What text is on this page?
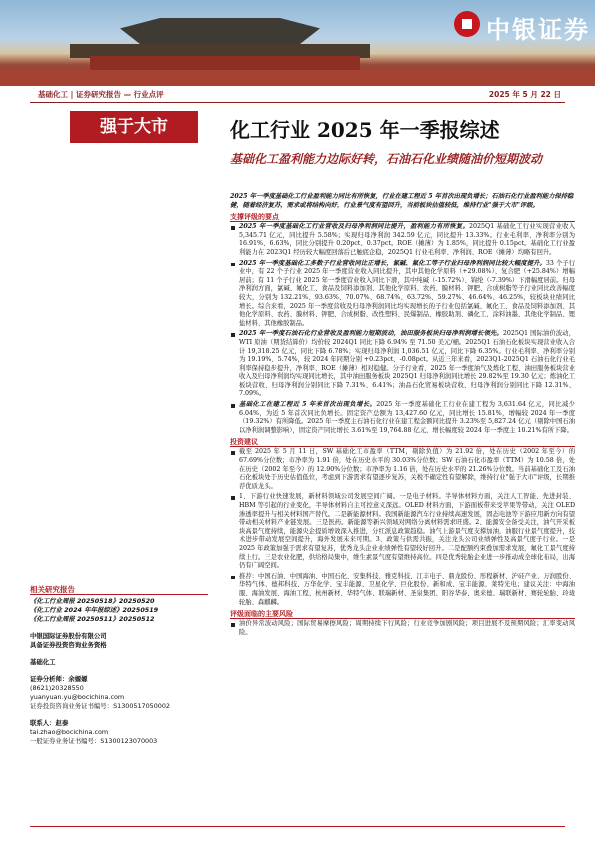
中银证券
基础化工 | 证券研究报告 — 行业点评	2025 年 5 月 22 日
强于大市	化工行业 2025 年一季报综述
基础化工盈利能力边际好转，石油石化业绩随油价短期波动

2025 年一季度基础化工行业盈利能力同比有所恢复，行业在建工程近 5 年首次出现负增长；石油石化行业盈利能力保持稳健，随着经济复苏，需求或将结构向好，行业景气度有望回升，当前板块估值较低，维持行业"强于大市"评级。

支撑评级的要点
2025 年一季度基础化工行业营收及归母净利润同比提升，盈利能力有所恢复。2025Q1 基础化工行业实现营业收入 5,345.71 亿元，同比提升 5.58%；实现归母净利润 342.59 亿元，同比提升 13.33%。行业毛利率、净利率分别为 16.91%、6.63%，同比分别提升 0.20pct、0.37pct。ROE（摊薄）为 1.85%，同比提升 0.15pct。基础化工行业盈利能力在 2023Q1 经历较大幅度回落后已触底企稳，2025Q1 行业毛利率、净利润、ROE（摊薄）均略有回升。
2025 年一季度基础化工多数子行业营收同比正增长，氯碱、氟化工等子行业归母净利润同比较大幅度提升。33 个子行业中，有 22 个子行业 2025 年一季度营业收入同比提升，其中其他化学原料（+29.08%）、复合肥（+25.84%）增幅居前；有 11 个子行业 2025 年一季度营业收入同比下滑，其中纯碱（-15.72%）、锦纶（-7.39%）下滑幅度居前。归母净利润方面，氯碱、氟化工、食品及饲料添加剂、其他化学原料、农药、膜材料、钾肥、合成树脂等子行业同比改善幅度较大，分别为 132.21%、93.63%、70.07%、68.74%、63.72%、59.27%、46.64%、46.25%，较板块业绩同比增长。综合来看，2025 年一季度营收及归母净利润同比均实现增长的子行业包括氯碱、氟化工、食品及饲料添加剂、其他化学原料、农药、膜材料、钾肥、合成树脂、改性塑料、民爆制品、橡胶助剂、磷化工、涂料油墨、其他化学制品、锂盐材料、其他橡胶制品。
2025 年一季度石油石化行业营收及盈利能力短期波动，油田服务板块归母净利润增长领先。2025Q1 国际油价波动，WTI 原油（期货结算价）均价较 2024Q1 同比下降 6.94% 至 71.50 美元/桶。2025Q1 石油石化板块实现营业收入合计 19,318.25 亿元，同比下降 6.78%；实现归母净利润 1,036.51 亿元，同比下降 6.35%。行业毛利率、净利率分别为 19.19%、5.74%，较 2024 年同期分别 +0.23pct、-0.08pct。从近三年来看，2023Q1-2025Q1 石油石化行业毛利率保持稳步提升，净利率、ROE（摊薄）相对稳健。分子行业看，2025 年一季度油气及炼化工程、油田服务板块营业收入及归母净利润均实现同比增长，其中油田服务板块 2025Q1 归母净利润同比增长 29.82%至 19.30 亿元；炼油化工板块营收、归母净利润分别同比下降 7.31%、6.41%；油品石化贸易板块营收、归母净利润分别同比下降 12.31%、7.09%。
基础化工在建工程近 5 年来首次出现负增长。2025 年一季度基础化工行业在建工程为 3,631.64 亿元，同比减少 6.04%，为近 5 年首次同比负增长。固定资产总额为 13,427.60 亿元，同比增长 15.81%，增幅较 2024 年一季度（19.32%）有所降低。2025 年一季度主石油石化行业在建工程金额同比提升 3.23%至 5,827.24 亿元（剔除中国石油以净利润调整影响），固定资产同比增长 3.61%至 19,764.88 亿元，增长幅度较 2024 年一季度主 10.21%有所下降。
投资建议
截至 2025 年 5 月 11 日，SW 基础化工市盈率（TTM，剔除负值）为 21.92 倍，处在历史（2002 年至今）的 67.69%分位数；市净率为 1.91 倍，处在历史水平的 30.03%分位数；SW 石油石化市盈率（TTM）为 10.58 倍，处在历史（2002 年至今）的 12.90%分位数；市净率为 1.16 倍，处在历史水平的 21.26%分位数。当前基础化工及石油石化板块处于历史估值低位，考虑到下游需求有望逐步复苏，关税不确定性有望解除，维持行业"强于大市"评级，长期推荐优质龙头。
1、下游行业快速发展，新材料领域公司发展空间广阔。一是电子材料。半导体材料方面，关注人工智能、先进封装、HBM 等引起的行业变化，半导体材料自主可控意义深远。OLED 材料方面，下游面板带来受苹果等带动，关注 OLED 渗透率提升与相关材料国产替代。二是新能源材料。我国新能源汽车行业持续高速发展，固态电池等下游应用新方向有望带动相关材料产业链发展。三是医药。新能源等新兴领域对网络分离材料需求旺盛。2、能源安全备受关注，油气开采板块高景气度持续，能源央企提质增效深入推进，分红派息政策趋稳。油气上游景气度支撑加油，油服行业景气度提升，技术进步带动发展空间提升，海外发展未来可期。3、政策与供需共振，关注龙头公司业绩弹性及高景气度子行业。一是 2025 年政策加强于需求有望复苏，优秀龙头企业业绩弹性有望较好回升。二是配额约束叠加需求发展，氟化工景气度持续上行。三是农业化肥，供给格局集中，维生素景气度有望维持高位。四是优秀轮胎企业进一步推动成全球化布局，出海仍有广阔空间。
推荐：中国石油、中国海油、中国石化、安集科技、雅克科技、江丰电子、鼎龙股份、彤程新材、沪硅产业、万润股份、华特气体、德邦科技、万华化学、宝丰能源、卫星化学、巨化股份、新和成、宝丰能源、莱特光电；建议关注：中海油服、海油发展、海油工程、杭州新材、华特气体、联瑞新材、圣泉集团、阳谷华泰、奥来德、瑞联新材、赛轮轮胎、玲珑轮胎、森麒麟。
评级面临的主要风险
油价异常波动风险；国际贸易摩擦风险；周期持续下行风险；行业竞争加剧风险；项目进展不及预期风险；汇率变动风险。
相关研究报告
《化工行业周报 20250518》20250520
《化工行业 2024 年年报综述》20250519
《化工行业周报 20250511》20250512
中银国际证券股份有限公司
具备证券投资咨询业务资格
基础化工
证券分析师：余嫄嫄
(8621)20328550
yuanyuan.yu@bocichina.com
证券投资咨询业务证书编号：S1300517050002
联系人：赵泰
tai.zhao@bocichina.com
一般证券业务证书编号：S1300123070003
